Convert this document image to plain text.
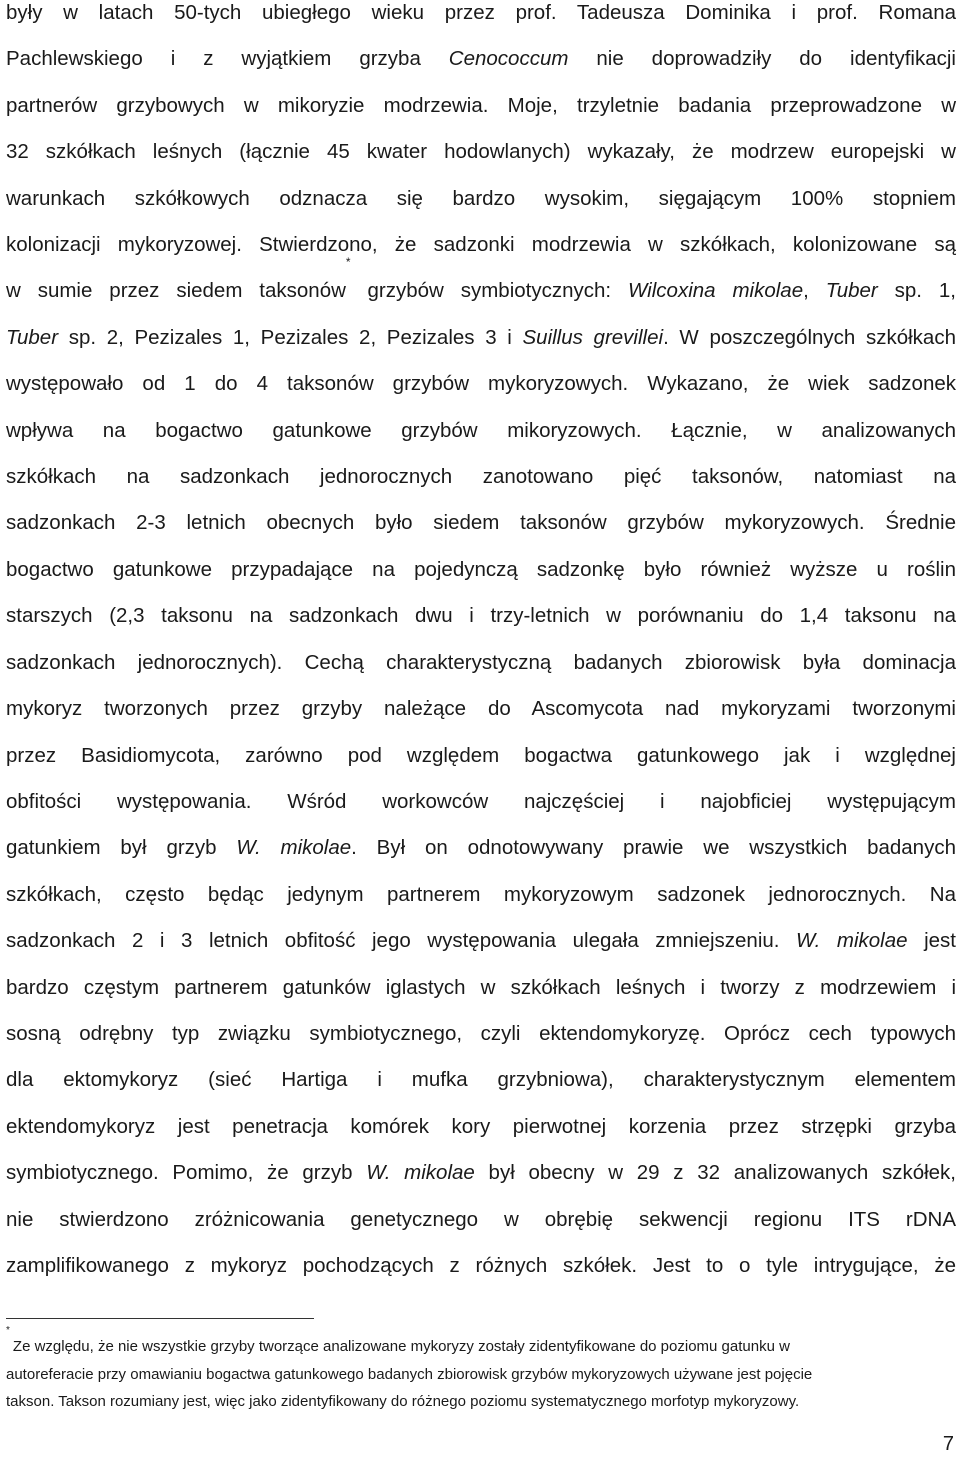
były w latach 50-tych ubiegłego wieku przez prof. Tadeusza Dominika i prof. Romana
Pachlewskiego i z wyjątkiem grzyba Cenococcum nie doprowadziły do identyfikacji
partnerów grzybowych w mikoryzie modrzewia. Moje, trzyletnie badania przeprowadzone w
32 szkółkach leśnych (łącznie 45 kwater hodowlanych) wykazały, że modrzew europejski w
warunkach szkółkowych odznacza się bardzo wysokim, sięgającym 100% stopniem
kolonizacji mykoryzowej. Stwierdzono, że sadzonki modrzewia w szkółkach, kolonizowane są
w sumie przez siedem taksonów* grzybów symbiotycznych: Wilcoxina mikolae, Tuber sp. 1,
Tuber sp. 2, Pezizales 1, Pezizales 2, Pezizales 3 i Suillus grevillei. W poszczególnych szkółkach
występowało od 1 do 4 taksonów grzybów mykoryzowych. Wykazano, że wiek sadzonek
wpływa na bogactwo gatunkowe grzybów mikoryzowych. Łącznie, w analizowanych
szkółkach na sadzonkach jednorocznych zanotowano pięć taksonów, natomiast na
sadzonkach 2-3 letnich obecnych było siedem taksonów grzybów mykoryzowych. Średnie
bogactwo gatunkowe przypadające na pojedynczą sadzonkę było również wyższe u roślin
starszych (2,3 taksonu na sadzonkach dwu i trzy-letnich w porównaniu do 1,4 taksonu na
sadzonkach jednorocznych). Cechą charakterystyczną badanych zbiorowisk była dominacja
mykoryz tworzonych przez grzyby należące do Ascomycota nad mykoryzami tworzonymi
przez Basidiomycota, zarówno pod względem bogactwa gatunkowego jak i względnej
obfitości występowania. Wśród workowców najczęściej i najobficiej występującym
gatunkiem był grzyb W. mikolae. Był on odnotowywany prawie we wszystkich badanych
szkółkach, często będąc jedynym partnerem mykoryzowym sadzonek jednorocznych. Na
sadzonkach 2 i 3 letnich obfitość jego występowania ulegała zmniejszeniu. W. mikolae jest
bardzo częstym partnerem gatunków iglastych w szkółkach leśnych i tworzy z modrzewiem i
sosną odrębny typ związku symbiotycznego, czyli ektendomykoryzę. Oprócz cech typowych
dla ektomykoryz (sieć Hartiga i mufka grzybniowa), charakterystycznym elementem
ektendomykoryz jest penetracja komórek kory pierwotnej korzenia przez strzępki grzyba
symbiotycznego. Pomimo, że grzyb W. mikolae był obecny w 29 z 32 analizowanych szkółek,
nie stwierdzono zróżnicowania genetycznego w obrębię sekwencji regionu ITS rDNA
zamplifikowanego z mykoryz pochodzących z różnych szkółek. Jest to o tyle intrygujące, że

*Ze względu, że nie wszystkie grzyby tworzące analizowane mykoryzy zostały zidentyfikowane do poziomu gatunku w
autoreferacie przy omawianiu bogactwa gatunkowego badanych zbiorowisk grzybów mykoryzowych używane jest pojęcie
takson. Takson rozumiany jest, więc jako zidentyfikowany do różnego poziomu systematycznego morfotyp mykoryzowy.
7
